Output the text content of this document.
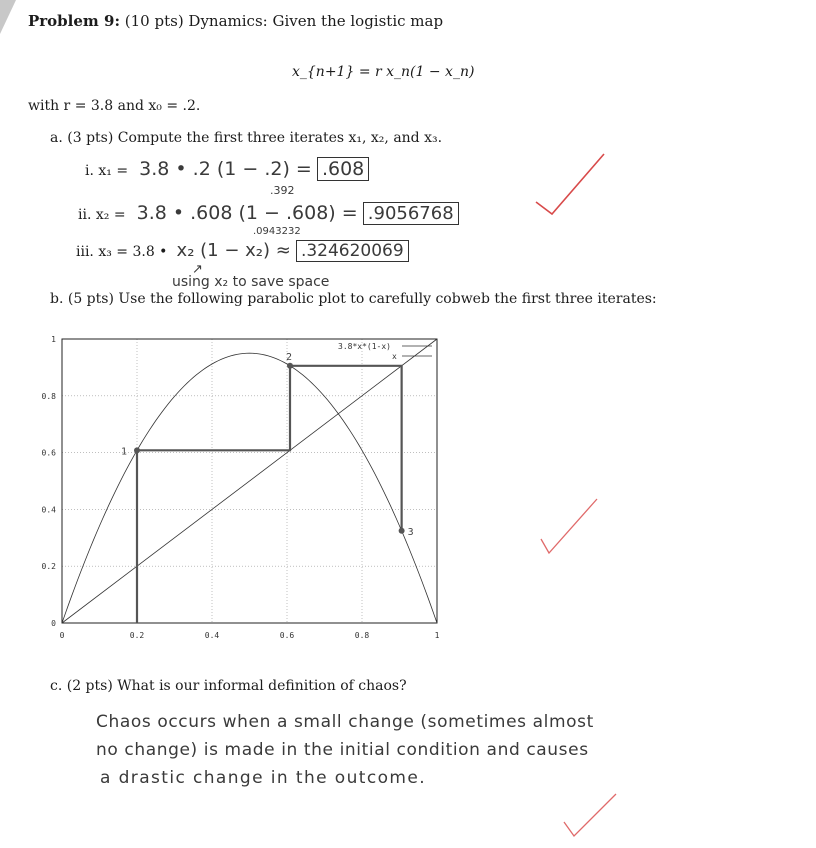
Problem 9: (10 pts) Dynamics: Given the logistic map
x_{n+1} = r x_n(1 − x_n)
with r = 3.8 and x₀ = .2.
a. (3 pts) Compute the first three iterates x₁, x₂, and x₃.
i. x₁ = 3.8 • .2 (1 − .2) = .608
.392
ii. x₂ = 3.8 • .608 (1 − .608) = .9056768
.0943232
iii. x₃ = 3.8 • x₂ (1 − x₂) ≈ .324620069
↗
using x₂ to save space
b. (5 pts) Use the following parabolic plot to carefully cobweb the first three iterates:
0	0.2	0.4	0.6	0.8	1
0
0.2
0.4
0.6
0.8
1
1
2
3
3.8*x*(1-x)
x
c. (2 pts) What is our informal definition of chaos?
Chaos occurs when a small change (sometimes almost
no change) is made in the initial condition and causes
a drastic change in the outcome.
